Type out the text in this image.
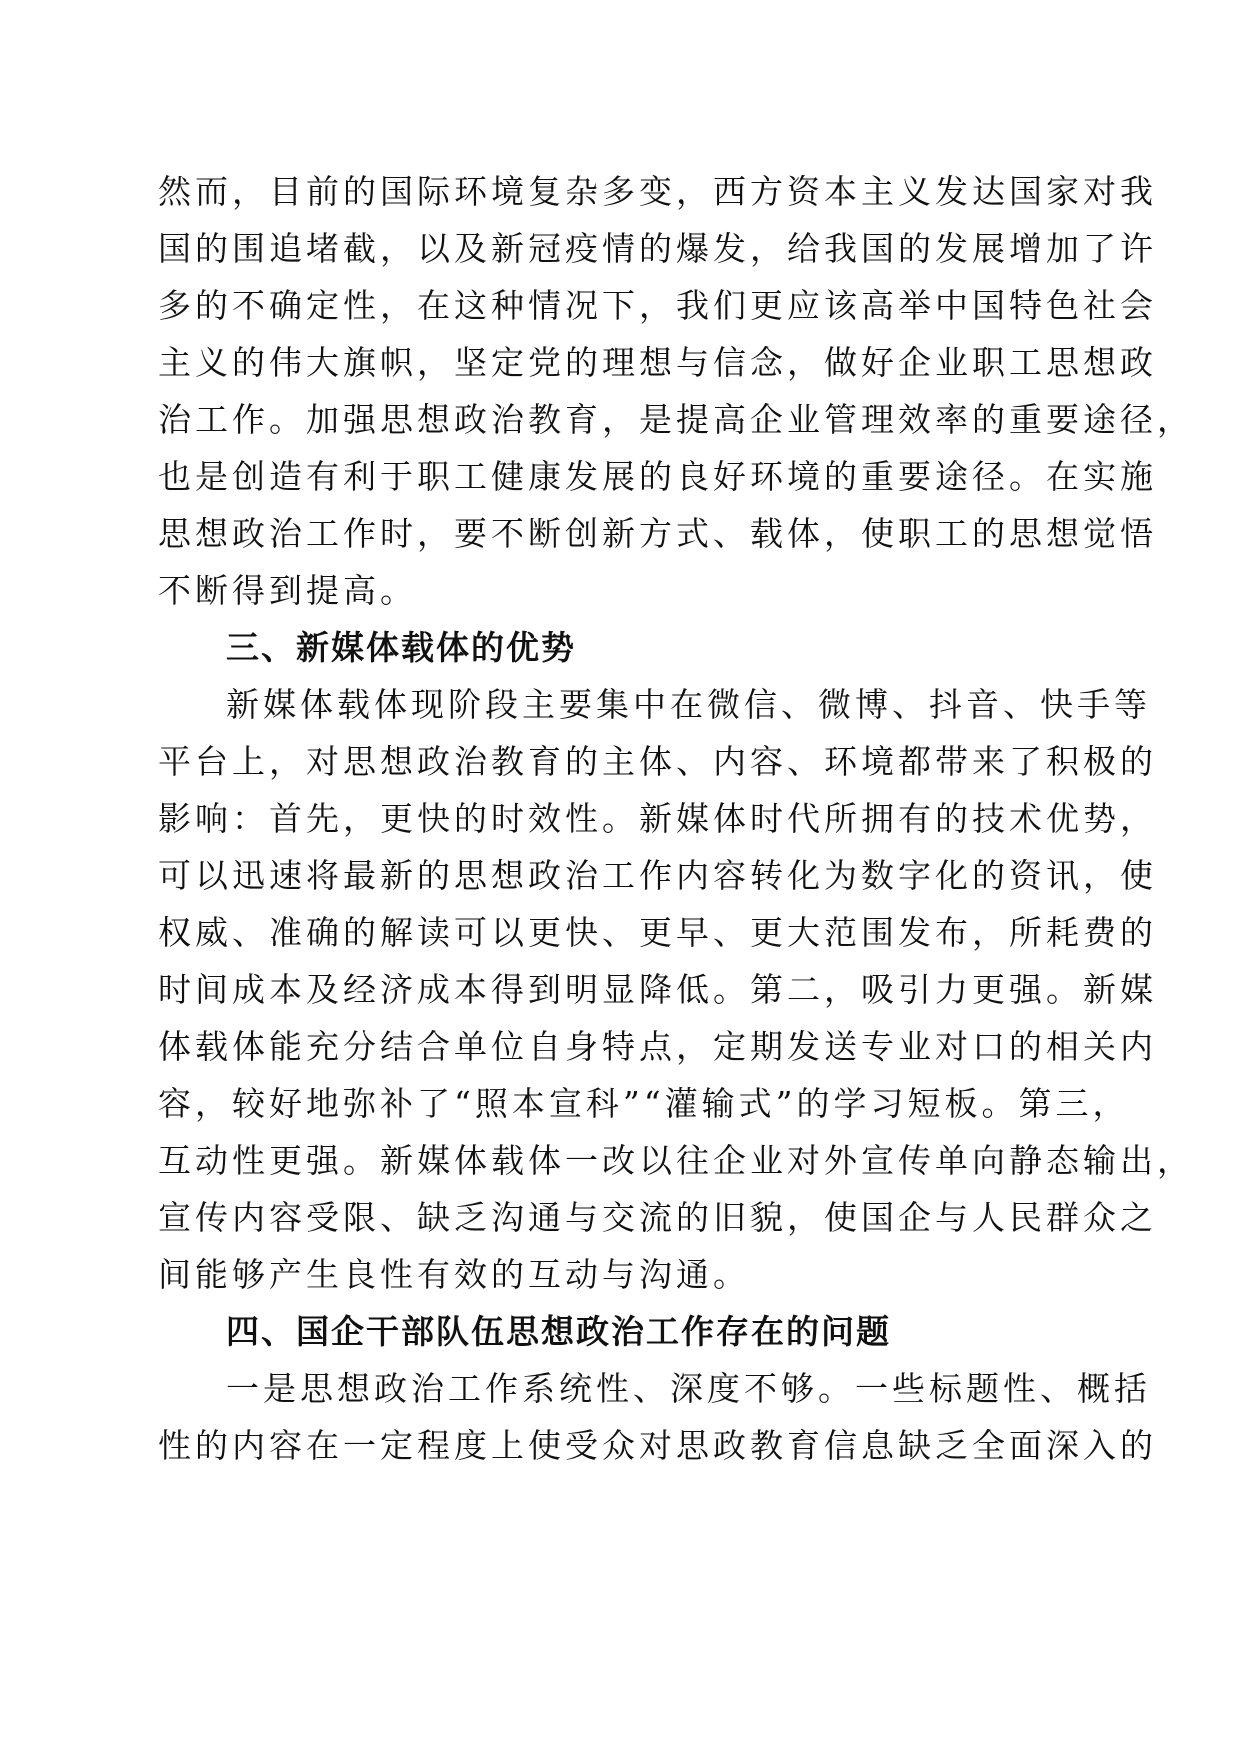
然而，目前的国际环境复杂多变，西方资本主义发达国家对我
国的围追堵截，以及新冠疫情的爆发，给我国的发展增加了许
多的不确定性，在这种情况下，我们更应该高举中国特色社会
主义的伟大旗帜，坚定党的理想与信念，做好企业职工思想政
治工作。加强思想政治教育，是提高企业管理效率的重要途径，
也是创造有利于职工健康发展的良好环境的重要途径。在实施
思想政治工作时，要不断创新方式、载体，使职工的思想觉悟
不断得到提高。
三、新媒体载体的优势
新媒体载体现阶段主要集中在微信、微博、抖音、快手等
平台上，对思想政治教育的主体、内容、环境都带来了积极的
影响：首先，更快的时效性。新媒体时代所拥有的技术优势，
可以迅速将最新的思想政治工作内容转化为数字化的资讯，使
权威、准确的解读可以更快、更早、更大范围发布，所耗费的
时间成本及经济成本得到明显降低。第二，吸引力更强。新媒
体载体能充分结合单位自身特点，定期发送专业对口的相关内
容，较好地弥补了“照本宣科”“灌输式”的学习短板。第三，
互动性更强。新媒体载体一改以往企业对外宣传单向静态输出，
宣传内容受限、缺乏沟通与交流的旧貌，使国企与人民群众之
间能够产生良性有效的互动与沟通。
四、国企干部队伍思想政治工作存在的问题
一是思想政治工作系统性、深度不够。一些标题性、概括
性的内容在一定程度上使受众对思政教育信息缺乏全面深入的
